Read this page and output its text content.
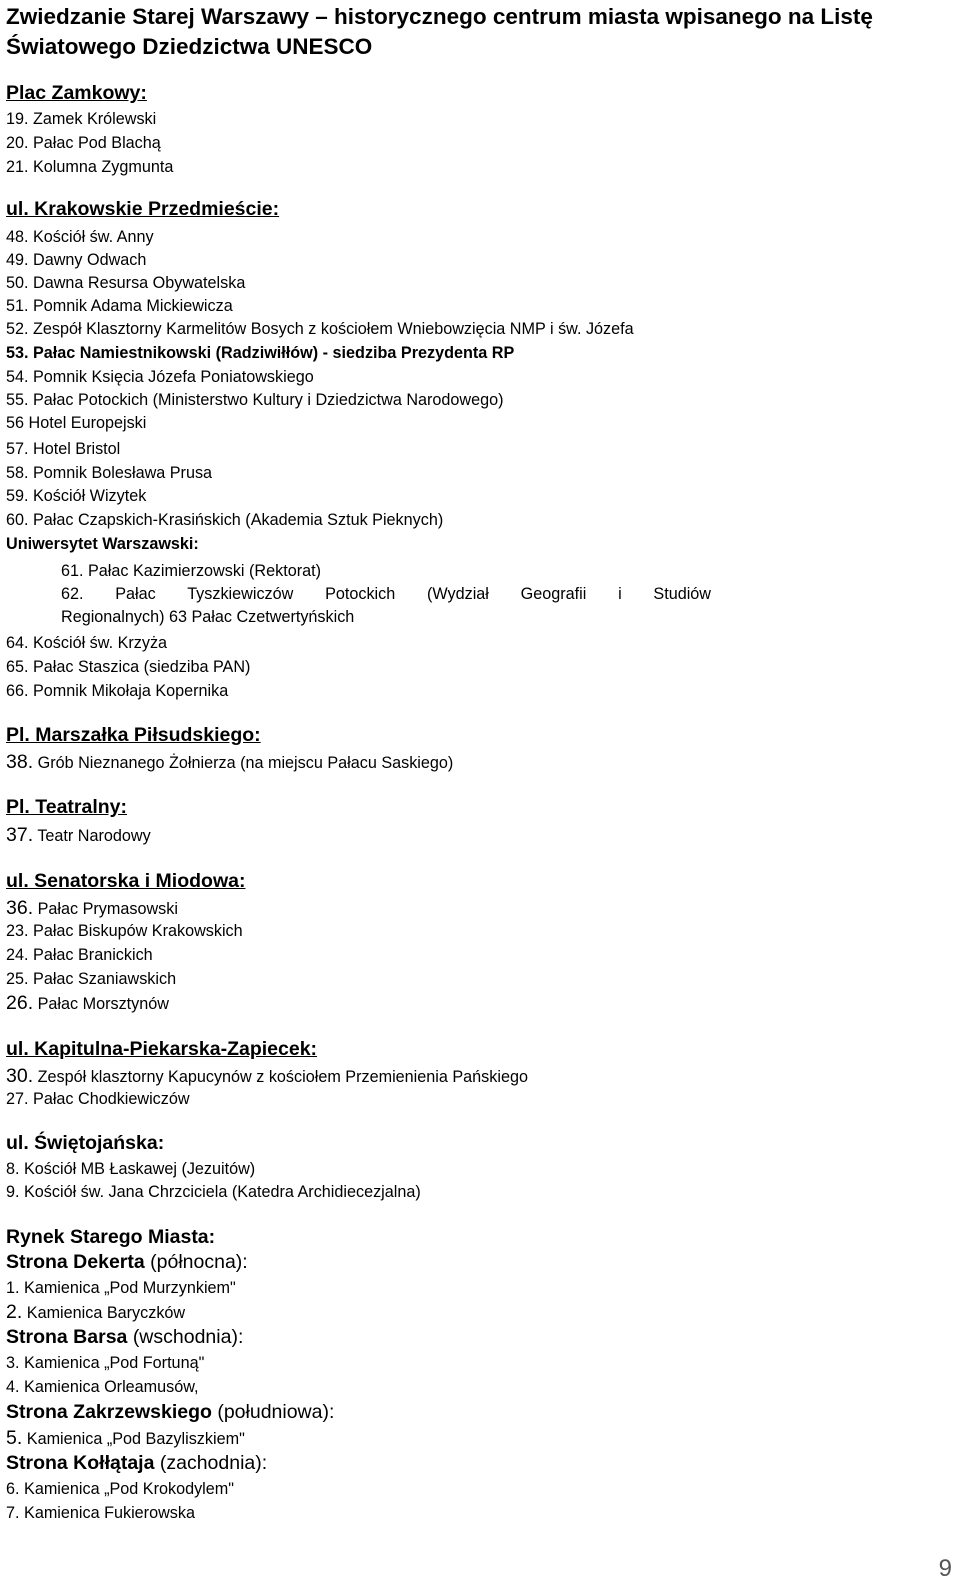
Zwiedzanie Starej Warszawy – historycznego centrum miasta wpisanego na Listę Światowego Dziedzictwa UNESCO
Plac Zamkowy:
19. Zamek Królewski
20. Pałac Pod Blachą
21. Kolumna Zygmunta
ul. Krakowskie Przedmieście:
48. Kościół św. Anny
49. Dawny Odwach
50. Dawna Resursa Obywatelska
51. Pomnik Adama Mickiewicza
52. Zespół Klasztorny Karmelitów Bosych z kościołem Wniebowzięcia NMP i św. Józefa
53. Pałac Namiestnikowski (Radziwiłłów) - siedziba Prezydenta RP
54. Pomnik Księcia Józefa Poniatowskiego
55. Pałac Potockich (Ministerstwo Kultury i Dziedzictwa Narodowego)
56 Hotel Europejski
57. Hotel Bristol
58. Pomnik Bolesława Prusa
59. Kościół Wizytek
60. Pałac Czapskich-Krasińskich (Akademia Sztuk Pieknych)
Uniwersytet Warszawski:
61. Pałac Kazimierzowski (Rektorat)
62. Pałac Tyszkiewiczów Potockich (Wydział Geografii i Studiów
Regionalnych) 63 Pałac Czetwertyńskich
64. Kościół św. Krzyża
65. Pałac Staszica (siedziba PAN)
66. Pomnik Mikołaja Kopernika
Pl. Marszałka Piłsudskiego:
38. Grób Nieznanego Żołnierza (na miejscu Pałacu Saskiego)
Pl. Teatralny:
37. Teatr Narodowy
ul. Senatorska i Miodowa:
36. Pałac Prymasowski
23. Pałac Biskupów Krakowskich
24. Pałac Branickich
25. Pałac Szaniawskich
26. Pałac Morsztynów
ul. Kapitulna-Piekarska-Zapiecek:
30. Zespół klasztorny Kapucynów z kościołem Przemienienia Pańskiego
27. Pałac Chodkiewiczów
ul. Świętojańska:
8. Kościół MB Łaskawej (Jezuitów)
9. Kościół św. Jana Chrzciciela (Katedra Archidiecezjalna)
Rynek Starego Miasta:
Strona Dekerta (północna):
1. Kamienica „Pod Murzynkiem"
2. Kamienica Baryczków
Strona Barsa (wschodnia):
3. Kamienica „Pod Fortuną"
4. Kamienica Orleamusów,
Strona Zakrzewskiego (południowa):
5. Kamienica „Pod Bazyliszkiem"
Strona Kołłątaja (zachodnia):
6. Kamienica „Pod Krokodylem"
7. Kamienica Fukierowska
9
